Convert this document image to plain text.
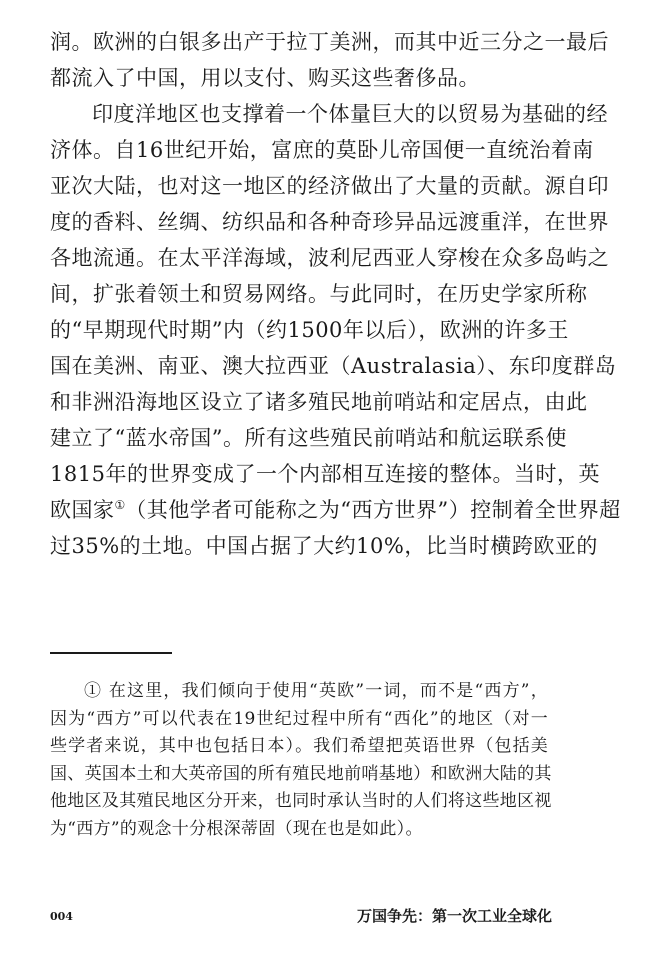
润。欧洲的白银多出产于拉丁美洲，而其中近三分之一最后
都流入了中国，用以支付、购买这些奢侈品。
印度洋地区也支撑着一个体量巨大的以贸易为基础的经
济体。自16世纪开始，富庶的莫卧儿帝国便一直统治着南
亚次大陆，也对这一地区的经济做出了大量的贡献。源自印
度的香料、丝绸、纺织品和各种奇珍异品远渡重洋，在世界
各地流通。在太平洋海域，波利尼西亚人穿梭在众多岛屿之
间，扩张着领土和贸易网络。与此同时，在历史学家所称
的“早期现代时期”内（约1500年以后），欧洲的许多王
国在美洲、南亚、澳大拉西亚（Australasia）、东印度群岛
和非洲沿海地区设立了诸多殖民地前哨站和定居点，由此
建立了“蓝水帝国”。所有这些殖民前哨站和航运联系使
1815年的世界变成了一个内部相互连接的整体。当时，英
欧国家①（其他学者可能称之为“西方世界”）控制着全世界超
过35%的土地。中国占据了大约10%，比当时横跨欧亚的
① 在这里，我们倾向于使用“英欧”一词，而不是“西方”，
因为“西方”可以代表在19世纪过程中所有“西化”的地区（对一
些学者来说，其中也包括日本）。我们希望把英语世界（包括美
国、英国本土和大英帝国的所有殖民地前哨基地）和欧洲大陆的其
他地区及其殖民地区分开来，也同时承认当时的人们将这些地区视
为“西方”的观念十分根深蒂固（现在也是如此）。
004	万国争先：第一次工业全球化
